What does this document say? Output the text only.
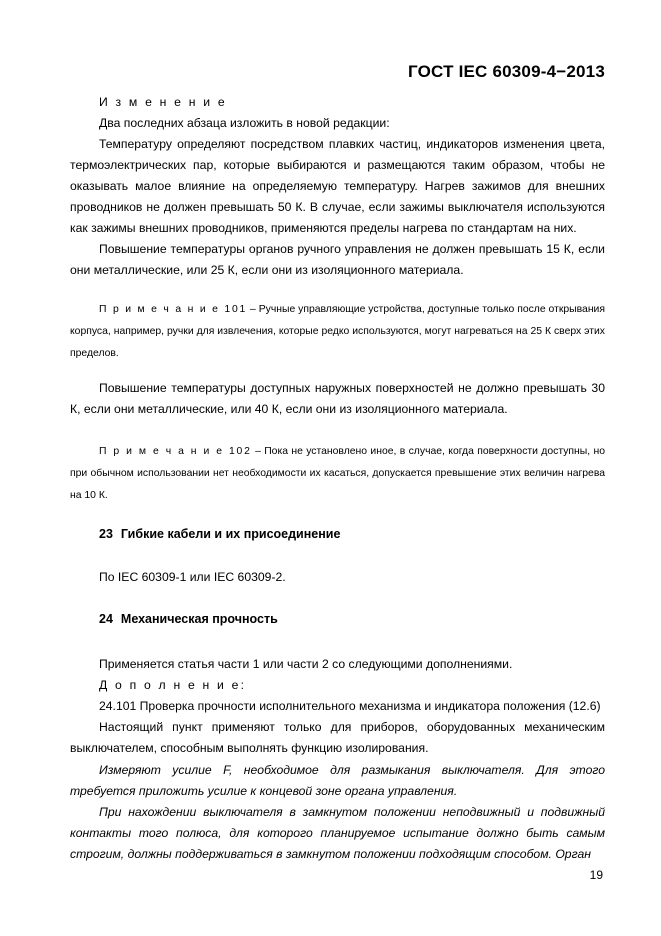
ГОСТ IEC 60309-4−2013

И з м е н е н и е

Два последних абзаца изложить в новой редакции:

Температуру определяют посредством плавких частиц, индикаторов изменения цвета, термоэлектрических пар, которые выбираются и размещаются таким образом, чтобы не оказывать малое влияние на определяемую температуру. Нагрев зажимов для внешних проводников не должен превышать 50 К. В случае, если зажимы выключателя используются как зажимы внешних проводников, применяются пределы нагрева по стандартам на них.

Повышение температуры органов ручного управления не должен превышать 15 К, если они металлические, или 25 К, если они из изоляционного материала.

П р и м е ч а н и е 101 – Ручные управляющие устройства, доступные только после открывания корпуса, например, ручки для извлечения, которые редко используются, могут нагреваться на 25 К сверх этих пределов.

Повышение температуры доступных наружных поверхностей не должно превышать 30 К, если они металлические, или 40 К, если они из изоляционного материала.

П р и м е ч а н и е 102 – Пока не установлено иное, в случае, когда поверхности доступны, но при обычном использовании нет необходимости их касаться, допускается превышение этих величин нагрева на 10 К.

23 Гибкие кабели и их присоединение

По IEC 60309-1 или IEC 60309-2.

24 Механическая прочность

Применяется статья части 1 или части 2 со следующими дополнениями.

Д о п о л н е н и е:

24.101 Проверка прочности исполнительного механизма и индикатора положения (12.6)

Настоящий пункт применяют только для приборов, оборудованных механическим выключателем, способным выполнять функцию изолирования.

Измеряют усилие F, необходимое для размыкания выключателя. Для этого требуется приложить усилие к концевой зоне органа управления.

При нахождении выключателя в замкнутом положении неподвижный и подвижный контакты того полюса, для которого планируемое испытание должно быть самым строгим, должны поддерживаться в замкнутом положении подходящим способом. Орган

19
